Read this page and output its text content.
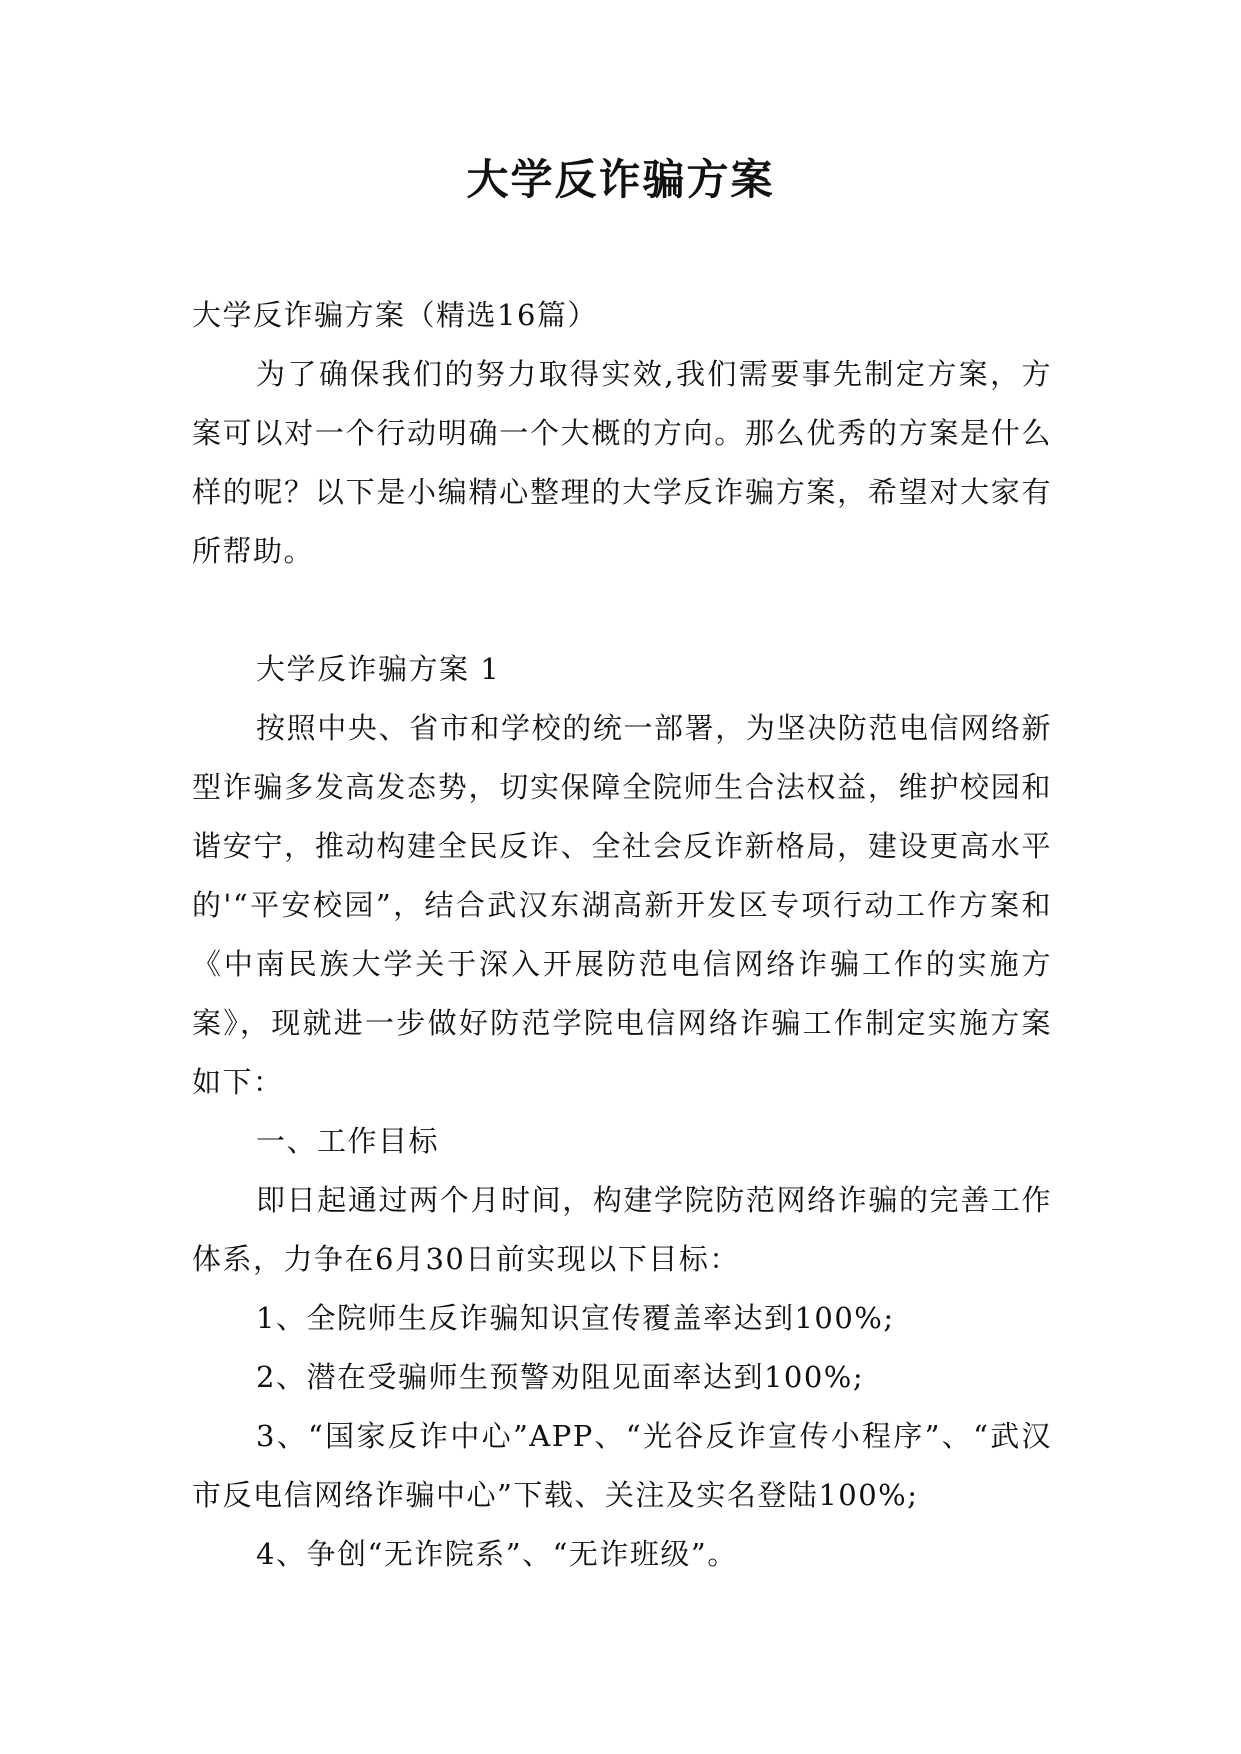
大学反诈骗方案

大学反诈骗方案（精选16篇）

为了确保我们的努力取得实效,我们需要事先制定方案，方案可以对一个行动明确一个大概的方向。那么优秀的方案是什么样的呢？以下是小编精心整理的大学反诈骗方案，希望对大家有所帮助。

大学反诈骗方案 1

按照中央、省市和学校的统一部署，为坚决防范电信网络新型诈骗多发高发态势，切实保障全院师生合法权益，维护校园和谐安宁，推动构建全民反诈、全社会反诈新格局，建设更高水平的'“平安校园”，结合武汉东湖高新开发区专项行动工作方案和《中南民族大学关于深入开展防范电信网络诈骗工作的实施方案》，现就进一步做好防范学院电信网络诈骗工作制定实施方案如下：

一、工作目标

即日起通过两个月时间，构建学院防范网络诈骗的完善工作体系，力争在6月30日前实现以下目标：

1、全院师生反诈骗知识宣传覆盖率达到100%;

2、潜在受骗师生预警劝阻见面率达到100%;

3、“国家反诈中心”APP、“光谷反诈宣传小程序”、“武汉市反电信网络诈骗中心”下载、关注及实名登陆100%;

4、争创“无诈院系”、“无诈班级”。
